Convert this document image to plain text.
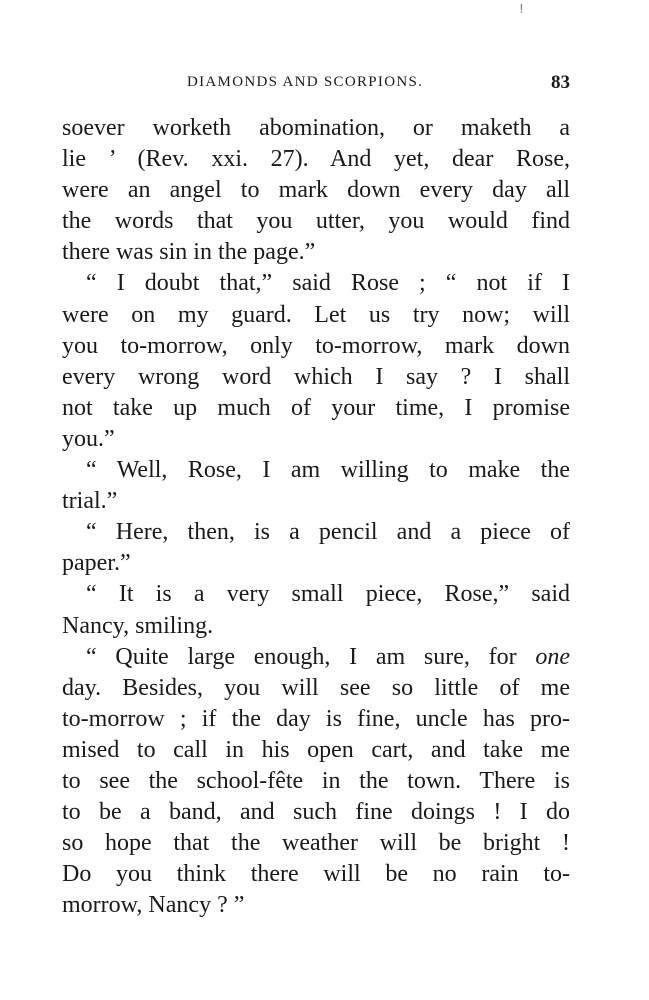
!
DIAMONDS AND SCORPIONS.	83
soever worketh abomination, or maketh a
lie ’ (Rev. xxi. 27). And yet, dear Rose,
were an angel to mark down every day all
the words that you utter, you would find
there was sin in the page.”
“ I doubt that,” said Rose ; “ not if I
were on my guard. Let us try now; will
you to-morrow, only to-morrow, mark down
every wrong word which I say ? I shall
not take up much of your time, I promise
you.”
“ Well, Rose, I am willing to make the
trial.”
“ Here, then, is a pencil and a piece of
paper.”
“ It is a very small piece, Rose,” said
Nancy, smiling.
“ Quite large enough, I am sure, for one
day. Besides, you will see so little of me
to-morrow ; if the day is fine, uncle has pro-
mised to call in his open cart, and take me
to see the school-fête in the town. There is
to be a band, and such fine doings ! I do
so hope that the weather will be bright !
Do you think there will be no rain to-
morrow, Nancy ? ”
